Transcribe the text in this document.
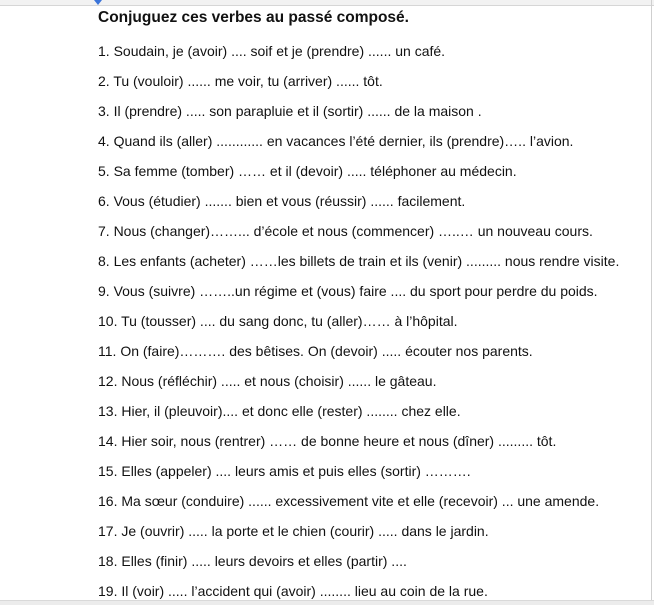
Conjuguez ces verbes au passé composé.
1. Soudain, je (avoir) .... soif et je (prendre) ...... un café.
2. Tu (vouloir) ...... me voir, tu (arriver) ...... tôt.
3. Il (prendre) ..... son parapluie et il (sortir) ...... de la maison .
4. Quand ils (aller) ............ en vacances l’été dernier, ils (prendre)….. l’avion.
5. Sa femme (tomber) …… et il (devoir) ..... téléphoner au médecin.
6. Vous (étudier) ....... bien et vous (réussir) ...... facilement.
7. Nous (changer)……... d’école et nous (commencer) …..… un nouveau cours.
8. Les enfants (acheter) ……les billets de train et ils (venir) ......... nous rendre visite.
9. Vous (suivre) ……..un régime et (vous) faire .... du sport pour perdre du poids.
10. Tu (tousser) .... du sang donc, tu (aller)…… à l’hôpital.
11. On (faire)………. des bêtises. On (devoir) ..... écouter nos parents.
12. Nous (réfléchir) ..... et nous (choisir) ...... le gâteau.
13. Hier, il (pleuvoir).... et donc elle (rester) ........ chez elle.
14. Hier soir, nous (rentrer) …… de bonne heure et nous (dîner) ......... tôt.
15. Elles (appeler) .... leurs amis et puis elles (sortir) ……….
16. Ma sœur (conduire) ...... excessivement vite et elle (recevoir) ... une amende.
17. Je (ouvrir) ..... la porte et le chien (courir) ..... dans le jardin.
18. Elles (finir) ..... leurs devoirs et elles (partir) ....
19. Il (voir) ..... l’accident qui (avoir) ........ lieu au coin de la rue.
